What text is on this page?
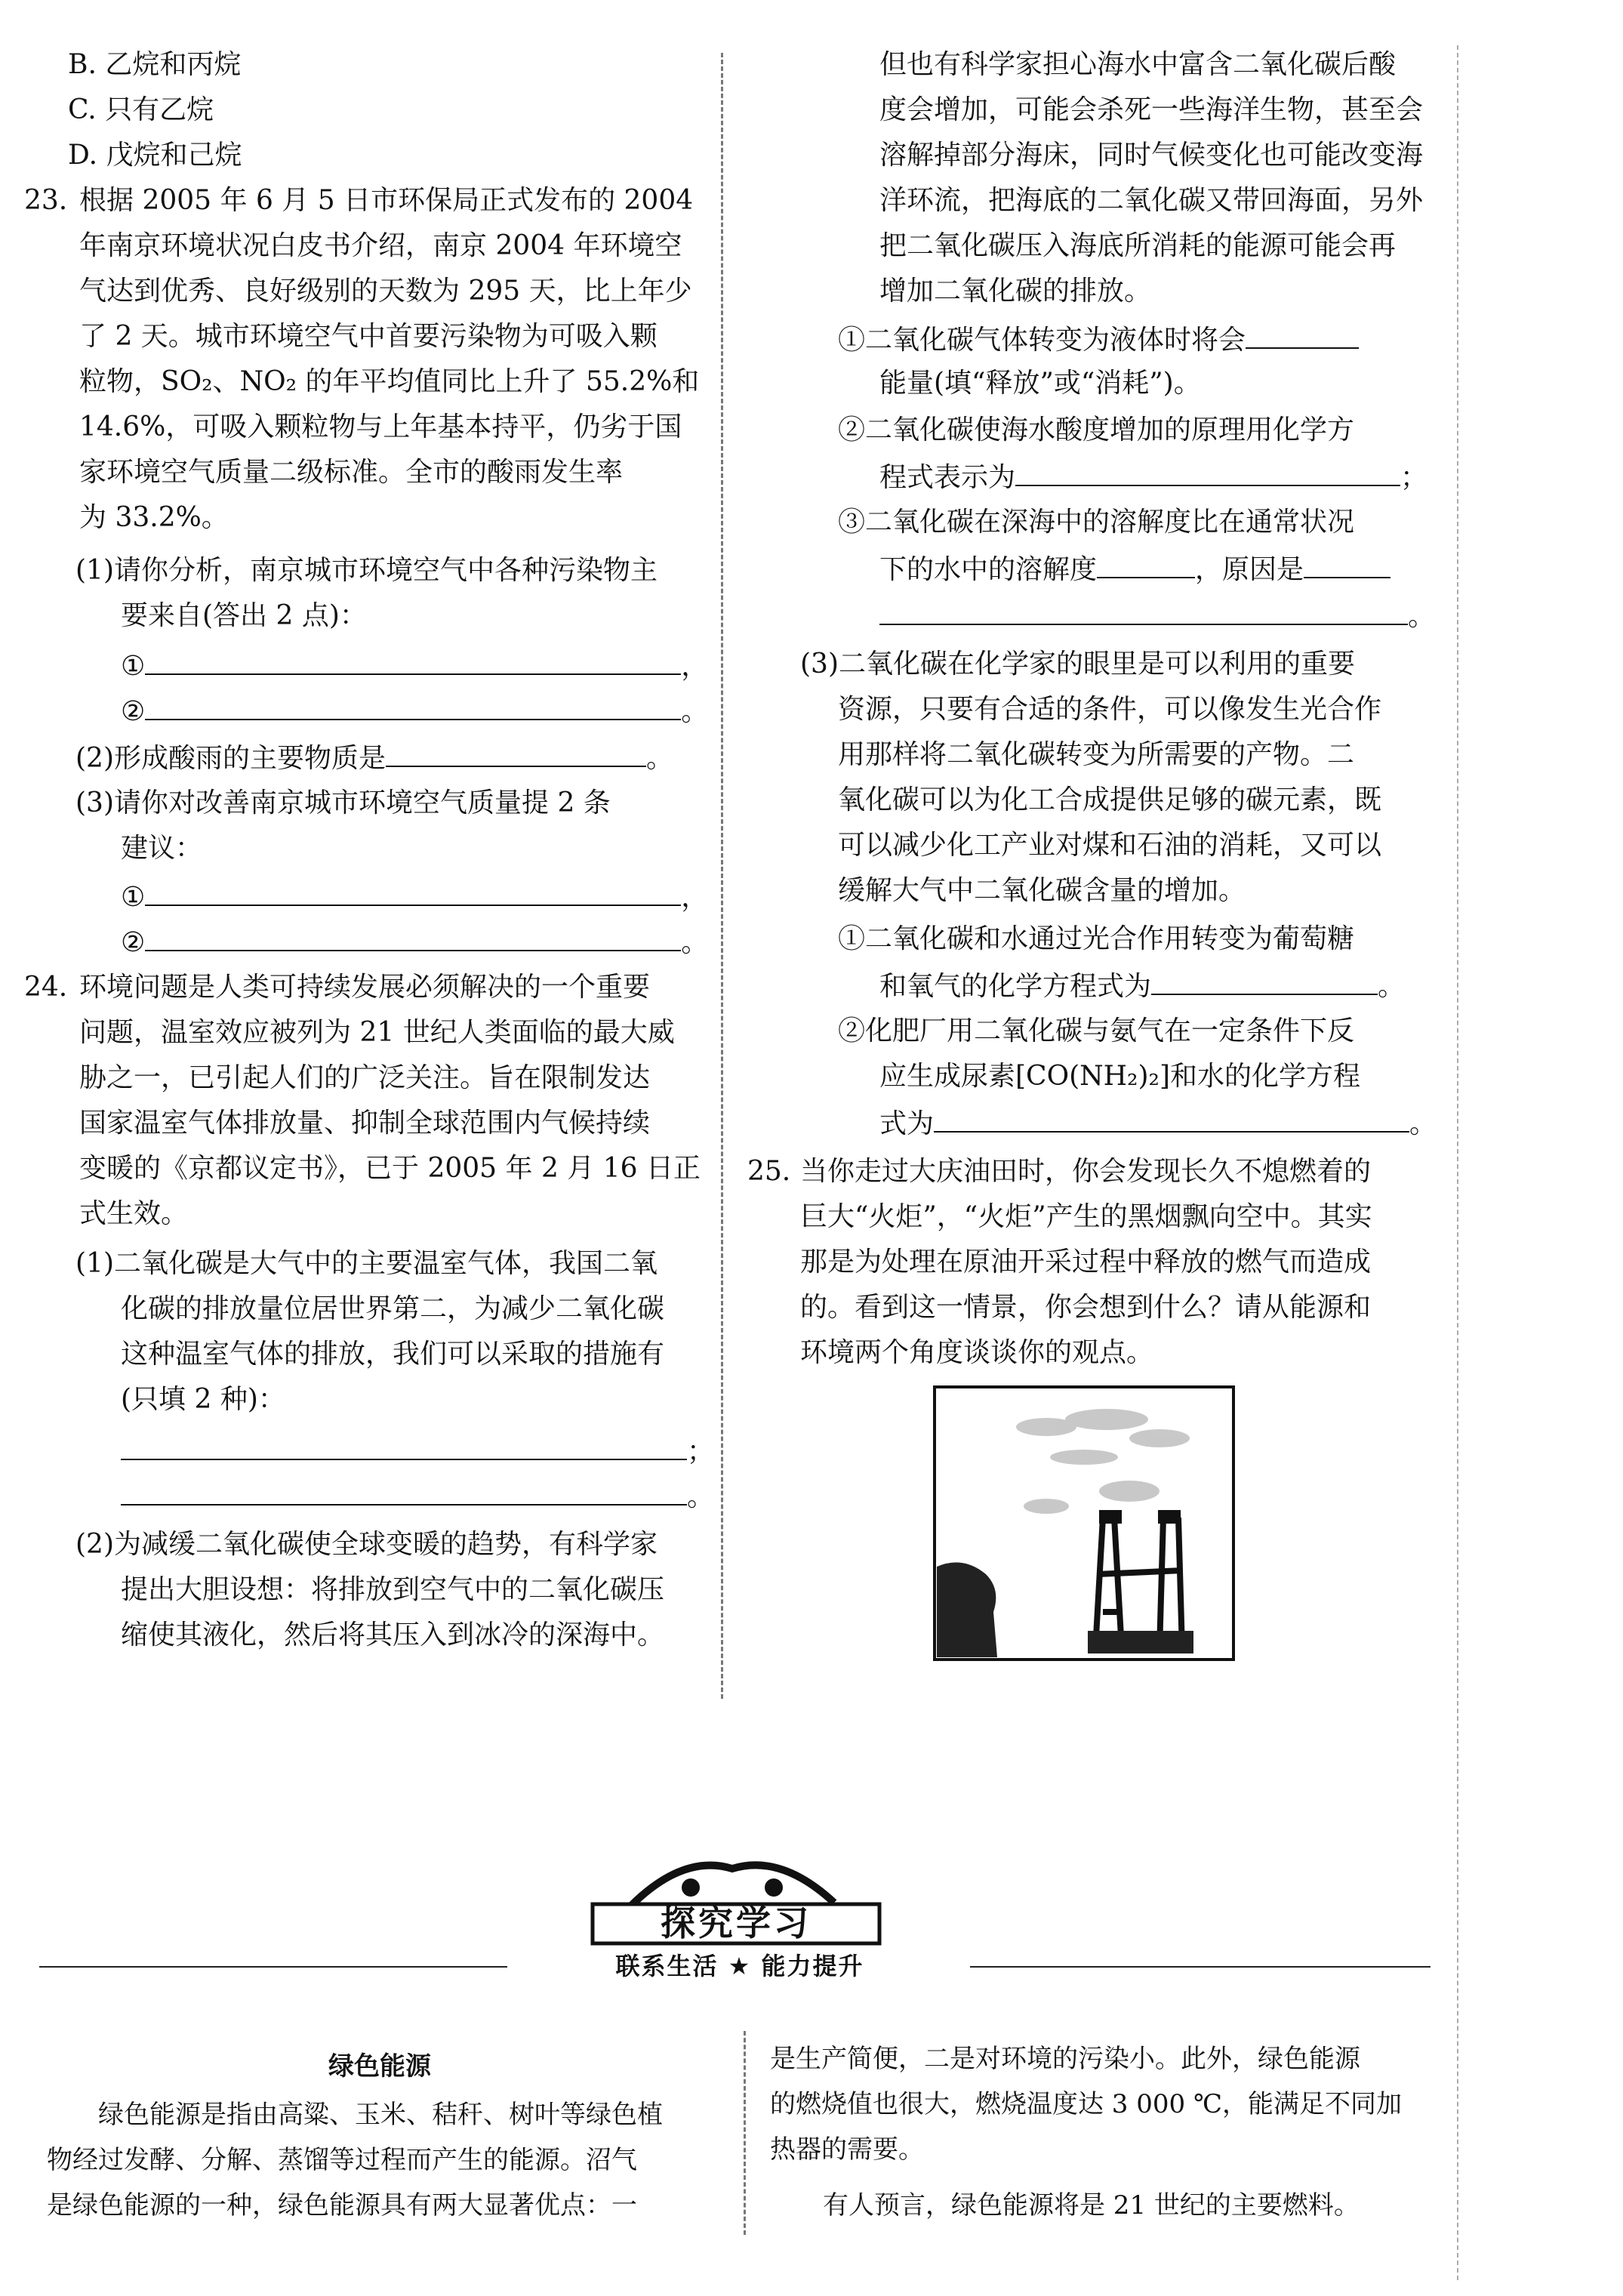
B. 乙烷和丙烷
C. 只有乙烷
D. 戊烷和己烷
23. 根据 2005 年 6 月 5 日市环保局正式发布的 2004
年南京环境状况白皮书介绍，南京 2004 年环境空
气达到优秀、良好级别的天数为 295 天，比上年少
了 2 天。城市环境空气中首要污染物为可吸入颗
粒物，SO₂、NO₂ 的年平均值同比上升了 55.2%和
14.6%，可吸入颗粒物与上年基本持平，仍劣于国
家环境空气质量二级标准。全市的酸雨发生率
为 33.2%。
(1)请你分析，南京城市环境空气中各种污染物主
要来自(答出 2 点)：
①	，
②	。
(2)形成酸雨的主要物质是	。
(3)请你对改善南京城市环境空气质量提 2 条
建议：
①	，
②	。
24. 环境问题是人类可持续发展必须解决的一个重要
问题，温室效应被列为 21 世纪人类面临的最大威
胁之一，已引起人们的广泛关注。旨在限制发达
国家温室气体排放量、抑制全球范围内气候持续
变暖的《京都议定书》，已于 2005 年 2 月 16 日正
式生效。
(1)二氧化碳是大气中的主要温室气体，我国二氧
化碳的排放量位居世界第二，为减少二氧化碳
这种温室气体的排放，我们可以采取的措施有
(只填 2 种)：
；
。
(2)为减缓二氧化碳使全球变暖的趋势，有科学家
提出大胆设想：将排放到空气中的二氧化碳压
缩使其液化，然后将其压入到冰冷的深海中。
但也有科学家担心海水中富含二氧化碳后酸
度会增加，可能会杀死一些海洋生物，甚至会
溶解掉部分海床，同时气候变化也可能改变海
洋环流，把海底的二氧化碳又带回海面，另外
把二氧化碳压入海底所消耗的能源可能会再
增加二氧化碳的排放。
①二氧化碳气体转变为液体时将会
能量(填“释放”或“消耗”)。
②二氧化碳使海水酸度增加的原理用化学方
程式表示为	；
③二氧化碳在深海中的溶解度比在通常状况
下的水中的溶解度	，原因是
。
(3)二氧化碳在化学家的眼里是可以利用的重要
资源，只要有合适的条件，可以像发生光合作
用那样将二氧化碳转变为所需要的产物。二
氧化碳可以为化工合成提供足够的碳元素，既
可以减少化工产业对煤和石油的消耗，又可以
缓解大气中二氧化碳含量的增加。
①二氧化碳和水通过光合作用转变为葡萄糖
和氧气的化学方程式为	。
②化肥厂用二氧化碳与氨气在一定条件下反
应生成尿素[CO(NH₂)₂]和水的化学方程
式为	。
25. 当你走过大庆油田时，你会发现长久不熄燃着的
巨大“火炬”，“火炬”产生的黑烟飘向空中。其实
那是为处理在原油开采过程中释放的燃气而造成
的。看到这一情景，你会想到什么？请从能源和
环境两个角度谈谈你的观点。
探究学习
联系生活 ★ 能力提升
绿色能源
绿色能源是指由高粱、玉米、秸秆、树叶等绿色植
物经过发酵、分解、蒸馏等过程而产生的能源。沼气
是绿色能源的一种，绿色能源具有两大显著优点：一
是生产简便，二是对环境的污染小。此外，绿色能源
的燃烧值也很大，燃烧温度达 3 000 ℃，能满足不同加
热器的需要。
有人预言，绿色能源将是 21 世纪的主要燃料。
